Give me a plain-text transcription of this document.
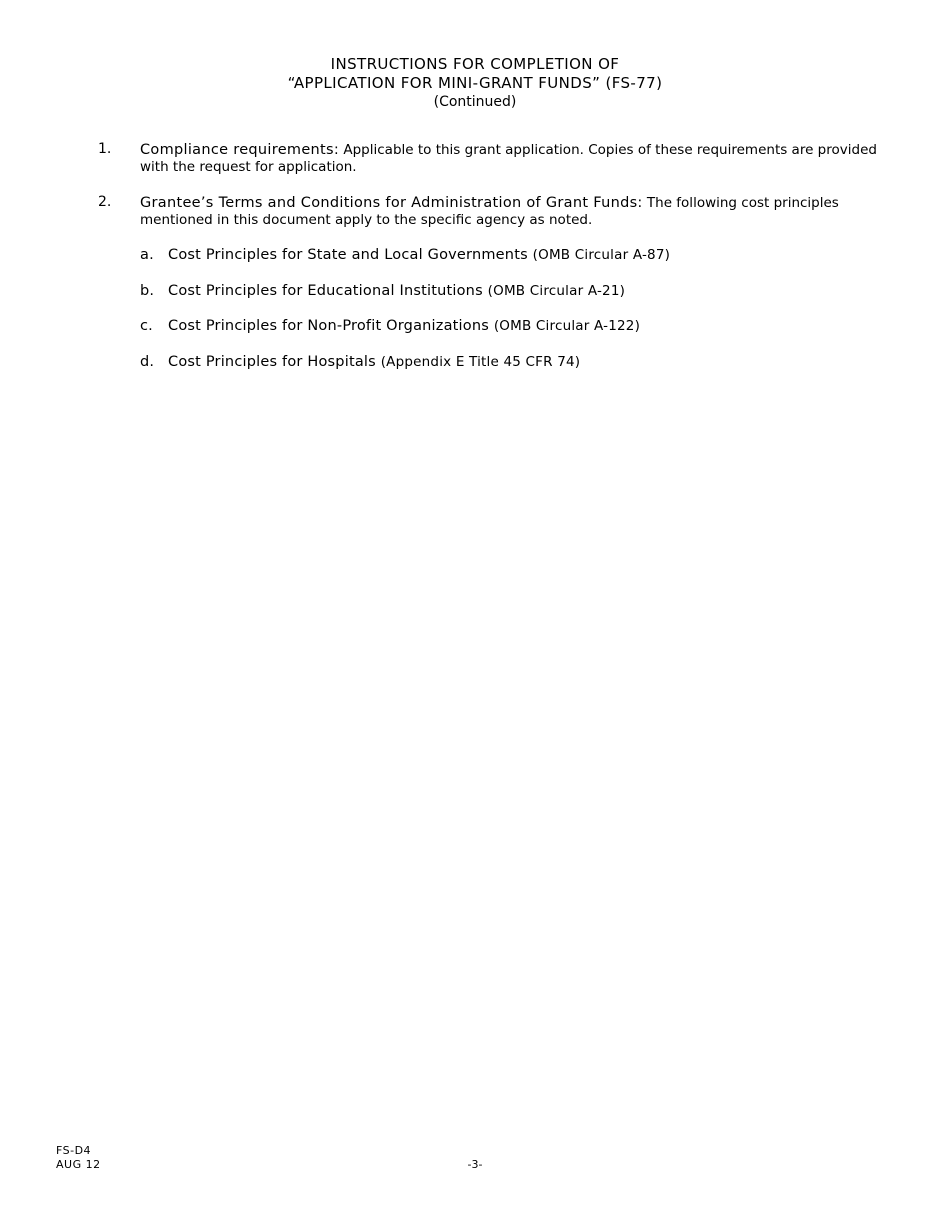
INSTRUCTIONS FOR COMPLETION OF
“APPLICATION FOR MINI-GRANT FUNDS” (FS-77)
(Continued)
1. Compliance requirements: Applicable to this grant application. Copies of these requirements are provided
with the request for application.
2. Grantee’s Terms and Conditions for Administration of Grant Funds: The following cost principles
mentioned in this document apply to the specific agency as noted.
a. Cost Principles for State and Local Governments (OMB Circular A-87)
b. Cost Principles for Educational Institutions (OMB Circular A-21)
c. Cost Principles for Non-Profit Organizations (OMB Circular A-122)
d. Cost Principles for Hospitals (Appendix E Title 45 CFR 74)
FS-D4
AUG 12	-3-
